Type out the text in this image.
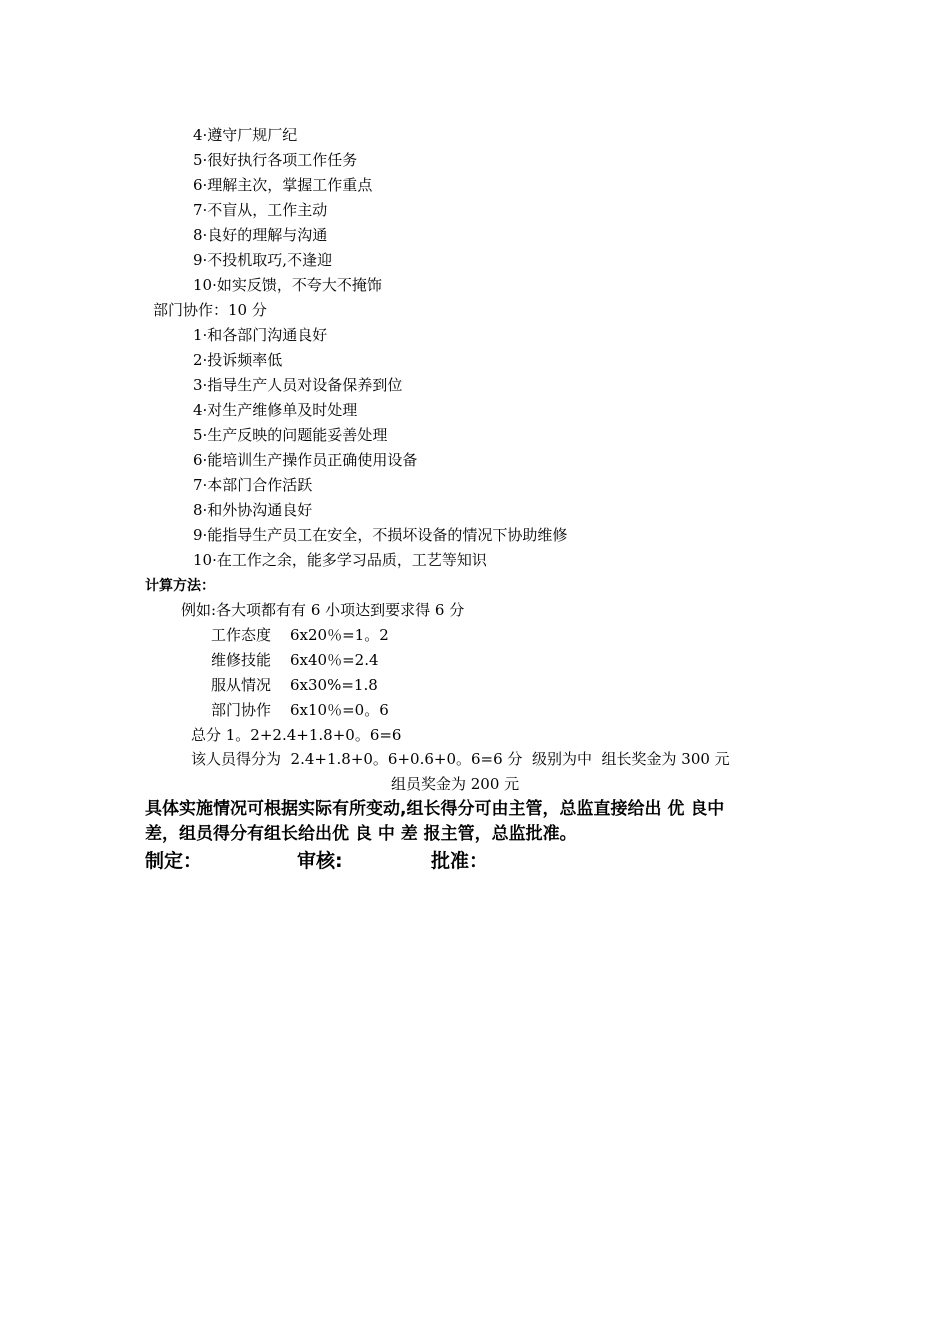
4·遵守厂规厂纪
5·很好执行各项工作任务
6·理解主次，掌握工作重点
7·不盲从，工作主动
8·良好的理解与沟通
9·不投机取巧,不逢迎
10·如实反馈，不夸大不掩饰
部门协作：10 分
1·和各部门沟通良好
2·投诉频率低
3·指导生产人员对设备保养到位
4·对生产维修单及时处理
5·生产反映的问题能妥善处理
6·能培训生产操作员正确使用设备
7·本部门合作活跃
8·和外协沟通良好
9·能指导生产员工在安全，不损坏设备的情况下协助维修
10·在工作之余，能多学习品质，工艺等知识
计算方法：
例如:各大项都有有 6 小项达到要求得 6 分
工作态度 6x20％=1。2
维修技能 6x40％=2.4
服从情况 6x30%=1.8
部门协作 6x10％=0。6
总分 1。2+2.4+1.8+0。6=6
该人员得分为  2.4+1.8+0。6+0.6+0。6=6 分  级别为中  组长奖金为 300 元
组员奖金为 200 元
具体实施情况可根据实际有所变动,组长得分可由主管，总监直接给出 优 良中
差，组员得分有组长给出优 良 中 差 报主管，总监批准。
制定：	审核:	批准：
